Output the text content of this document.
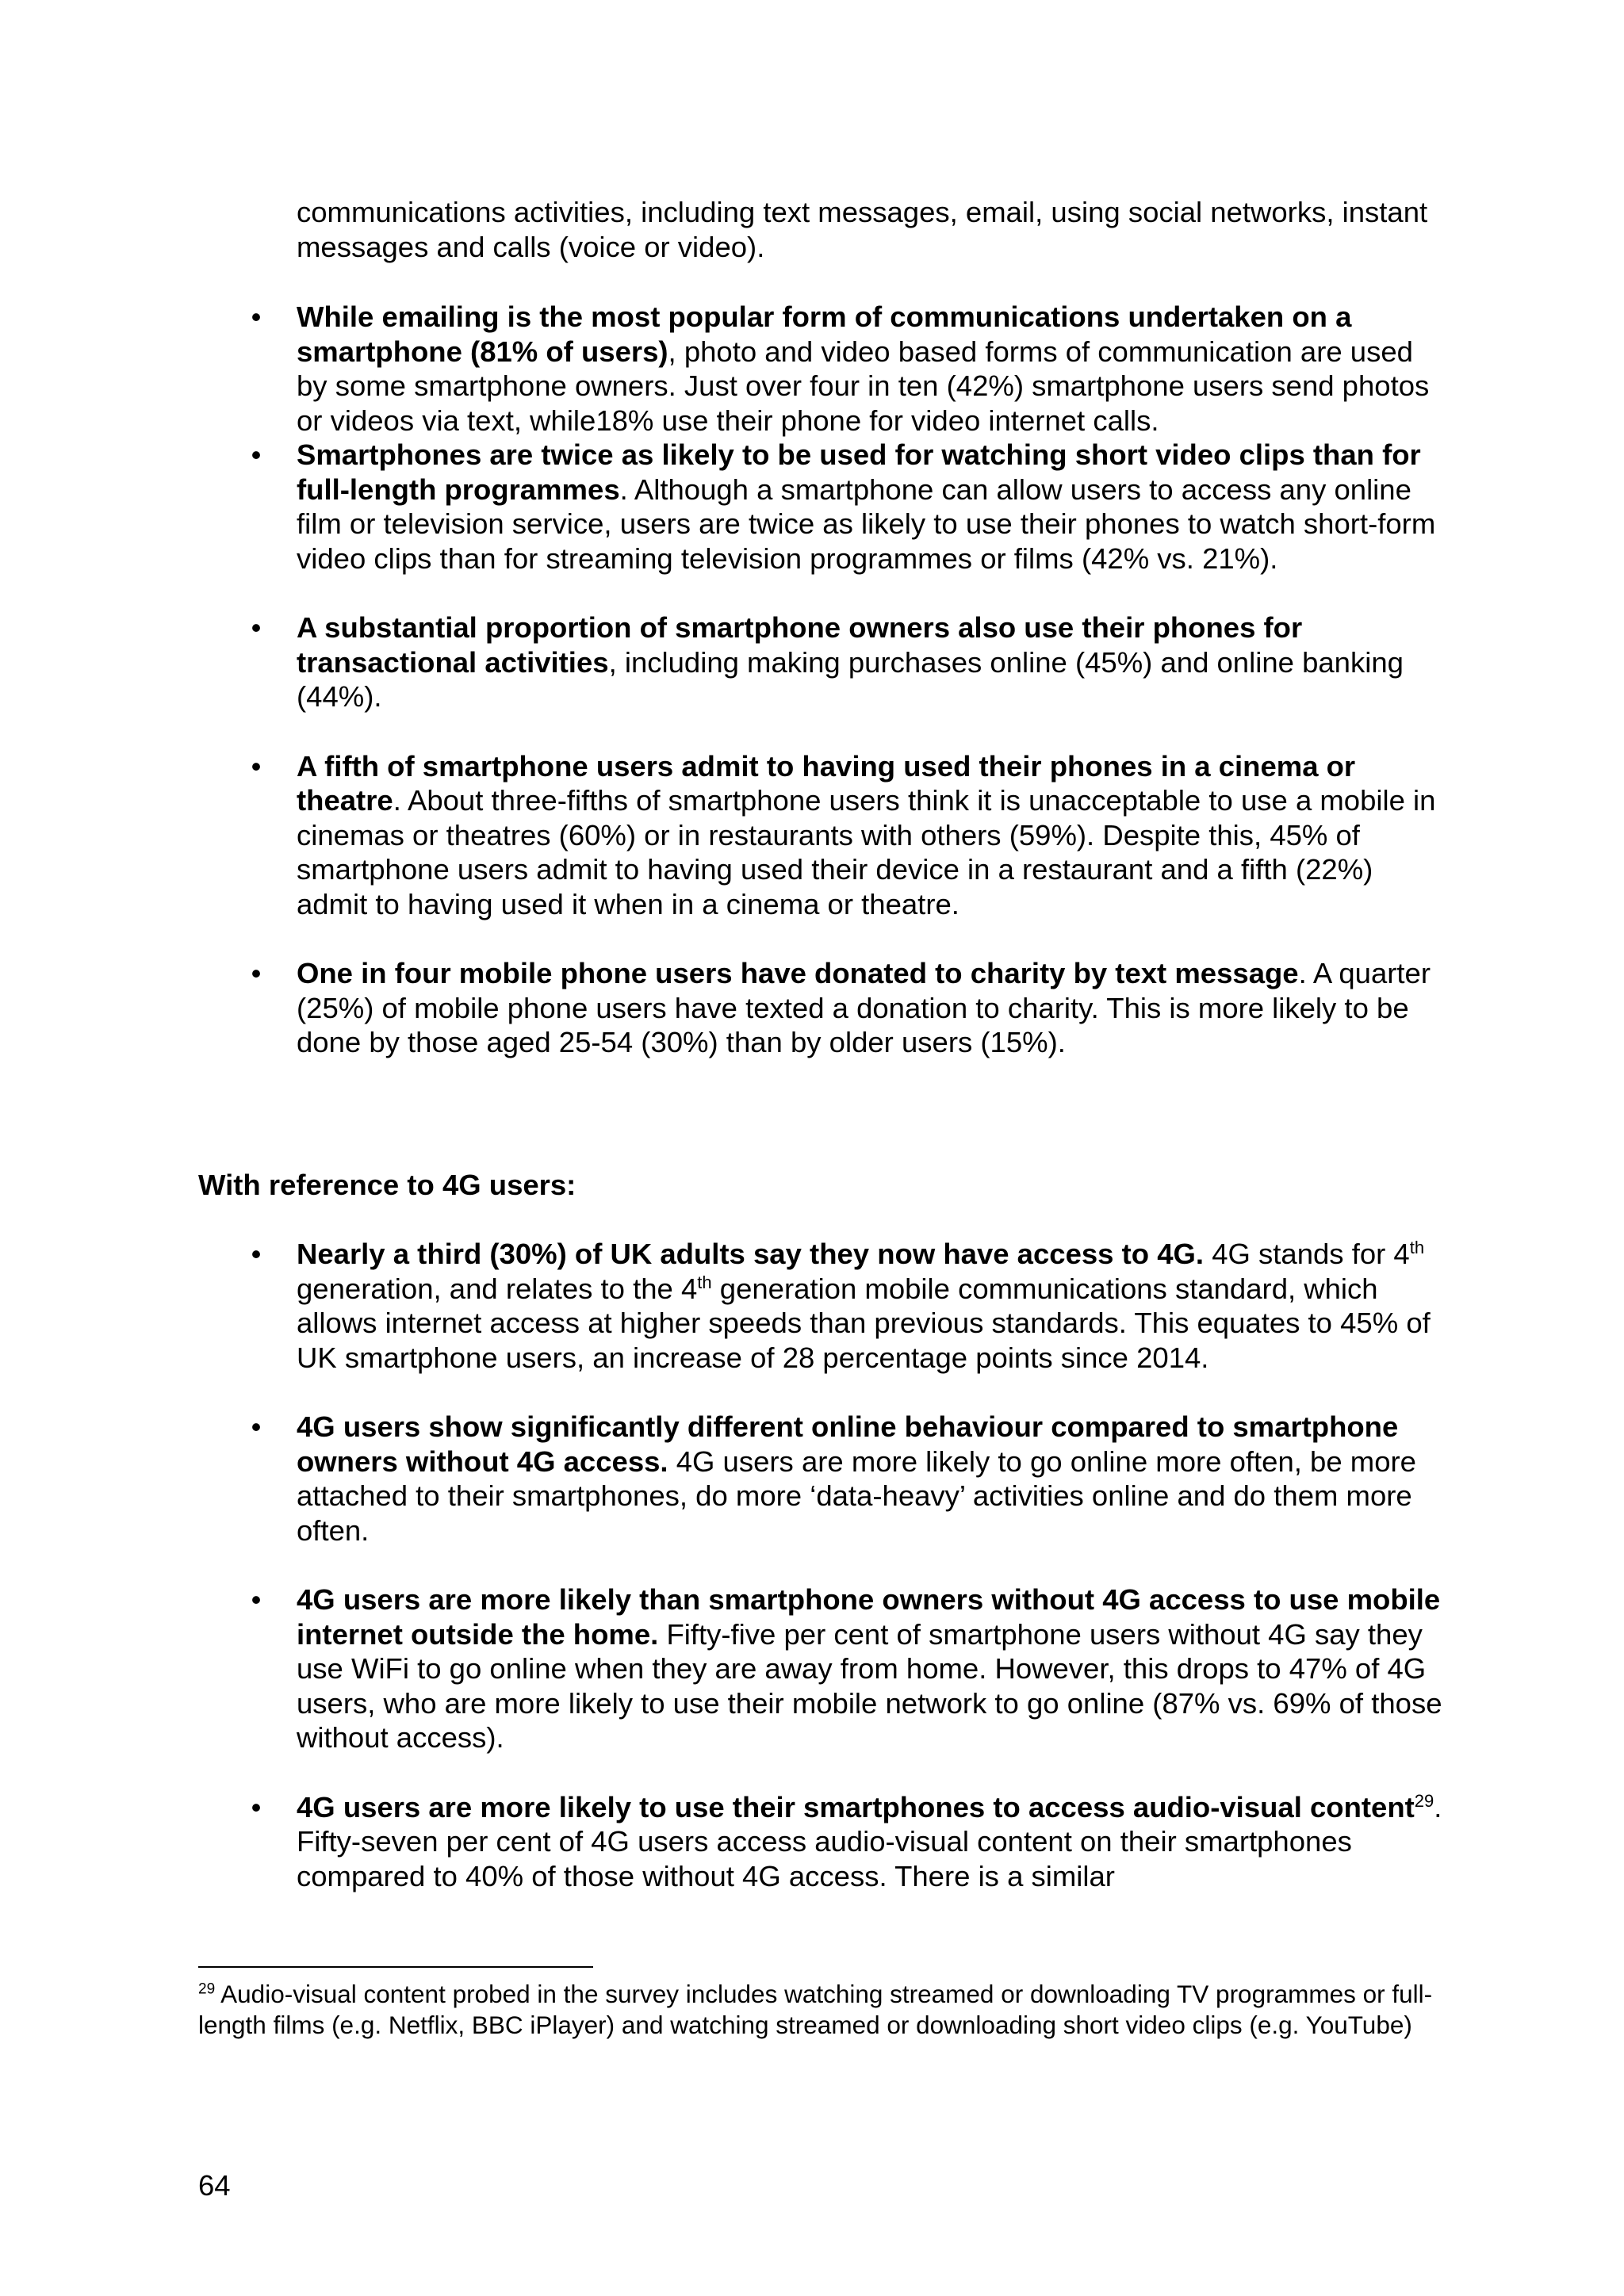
communications activities, including text messages, email, using social networks, instant messages and calls (voice or video).

• While emailing is the most popular form of communications undertaken on a smartphone (81% of users), photo and video based forms of communication are used by some smartphone owners. Just over four in ten (42%) smartphone users send photos or videos via text, while18% use their phone for video internet calls.
• Smartphones are twice as likely to be used for watching short video clips than for full-length programmes. Although a smartphone can allow users to access any online film or television service, users are twice as likely to use their phones to watch short-form video clips than for streaming television programmes or films (42% vs. 21%).
• A substantial proportion of smartphone owners also use their phones for transactional activities, including making purchases online (45%) and online banking (44%).
• A fifth of smartphone users admit to having used their phones in a cinema or theatre. About three-fifths of smartphone users think it is unacceptable to use a mobile in cinemas or theatres (60%) or in restaurants with others (59%). Despite this, 45% of smartphone users admit to having used their device in a restaurant and a fifth (22%) admit to having used it when in a cinema or theatre.
• One in four mobile phone users have donated to charity by text message. A quarter (25%) of mobile phone users have texted a donation to charity. This is more likely to be done by those aged 25-54 (30%) than by older users (15%).
With reference to 4G users:
• Nearly a third (30%) of UK adults say they now have access to 4G. 4G stands for 4th generation, and relates to the 4th generation mobile communications standard, which allows internet access at higher speeds than previous standards. This equates to 45% of UK smartphone users, an increase of 28 percentage points since 2014.
• 4G users show significantly different online behaviour compared to smartphone owners without 4G access. 4G users are more likely to go online more often, be more attached to their smartphones, do more ‘data-heavy’ activities online and do them more often.
• 4G users are more likely than smartphone owners without 4G access to use mobile internet outside the home. Fifty-five per cent of smartphone users without 4G say they use WiFi to go online when they are away from home. However, this drops to 47% of 4G users, who are more likely to use their mobile network to go online (87% vs. 69% of those without access).
• 4G users are more likely to use their smartphones to access audio-visual content$^{29}$. Fifty-seven per cent of 4G users access audio-visual content on their smartphones compared to 40% of those without 4G access. There is a similar
$^{29}$ Audio-visual content probed in the survey includes watching streamed or downloading TV programmes or full-length films (e.g. Netflix, BBC iPlayer) and watching streamed or downloading short video clips (e.g. YouTube)
64
